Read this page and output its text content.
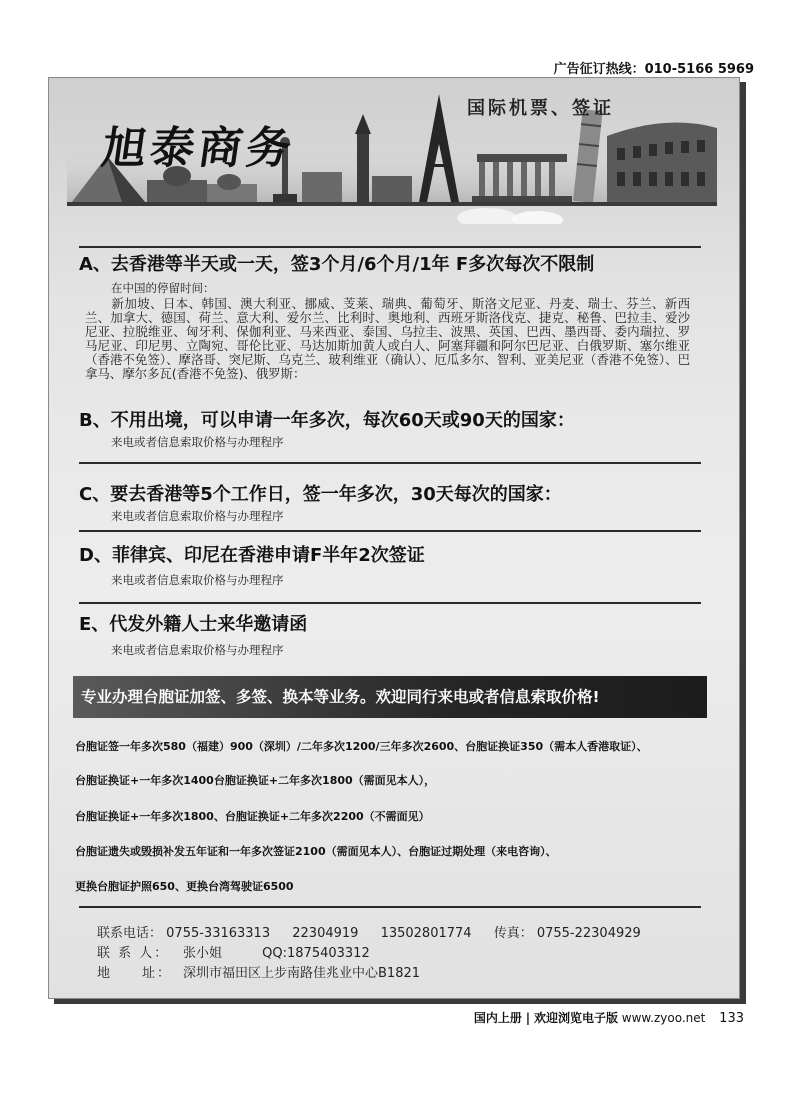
广告征订热线：010-5166 5969
旭泰商务
国际机票、签证
A、去香港等半天或一天，签3个月/6个月/1年 F多次每次不限制
在中国的停留时间：
新加坡、日本、韩国、澳大利亚、挪威、芰莱、瑞典、葡萄牙、斯洛文尼亚、丹麦、瑞士、芬兰、新西兰、加拿大、德国、荷兰、意大利、爱尔兰、比利时、奥地利、西班牙斯洛伐克、捷克、秘鲁、巴拉圭、爱沙尼亚、拉脱维亚、匈牙利、保伽利亚、马来西亚、泰国、乌拉圭、波黑、英国、巴西、墨西哥、委内瑞拉、罗马尼亚、印尼男、立陶宛、哥伦比亚、马达加斯加黄人或白人、阿塞拜疆和阿尔巴尼亚、白俄罗斯、塞尔维亚（香港不免签）、摩洛哥、突尼斯、乌克兰、玻利维亚（确认）、厄瓜多尔、智利、亚美尼亚（香港不免签）、巴拿马、摩尔多瓦(香港不免签)、俄罗斯：
B、不用出境，可以申请一年多次，每次60天或90天的国家：
来电或者信息索取价格与办理程序
C、要去香港等5个工作日，签一年多次，30天每次的国家：
来电或者信息索取价格与办理程序
D、菲律宾、印尼在香港申请F半年2次签证
来电或者信息索取价格与办理程序
E、代发外籍人士来华邀请函
来电或者信息索取价格与办理程序
专业办理台胞证加签、多签、换本等业务。欢迎同行来电或者信息索取价格!
台胞证签一年多次580（福建）900（深圳）/二年多次1200/三年多次2600、台胞证换证350（需本人香港取证）、
台胞证换证+一年多次1400台胞证换证+二年多次1800（需面见本人），
台胞证换证+一年多次1800、台胞证换证+二年多次2200（不需面见）
台胞证遗失或毁损补发五年证和一年多次签证2100（需面见本人）、台胞证过期处理（来电咨询）、
更换台胞证护照650、更换台湾驾驶证6500
联系电话： 0755-33163313 22304919 13502801774 传真： 0755-22304929
联 系 人： 张小姐	QQ:1875403312
地　　址： 深圳市福田区上步南路佳兆业中心B1821
国内上册 | 欢迎浏览电子版 www.zyoo.net 133
